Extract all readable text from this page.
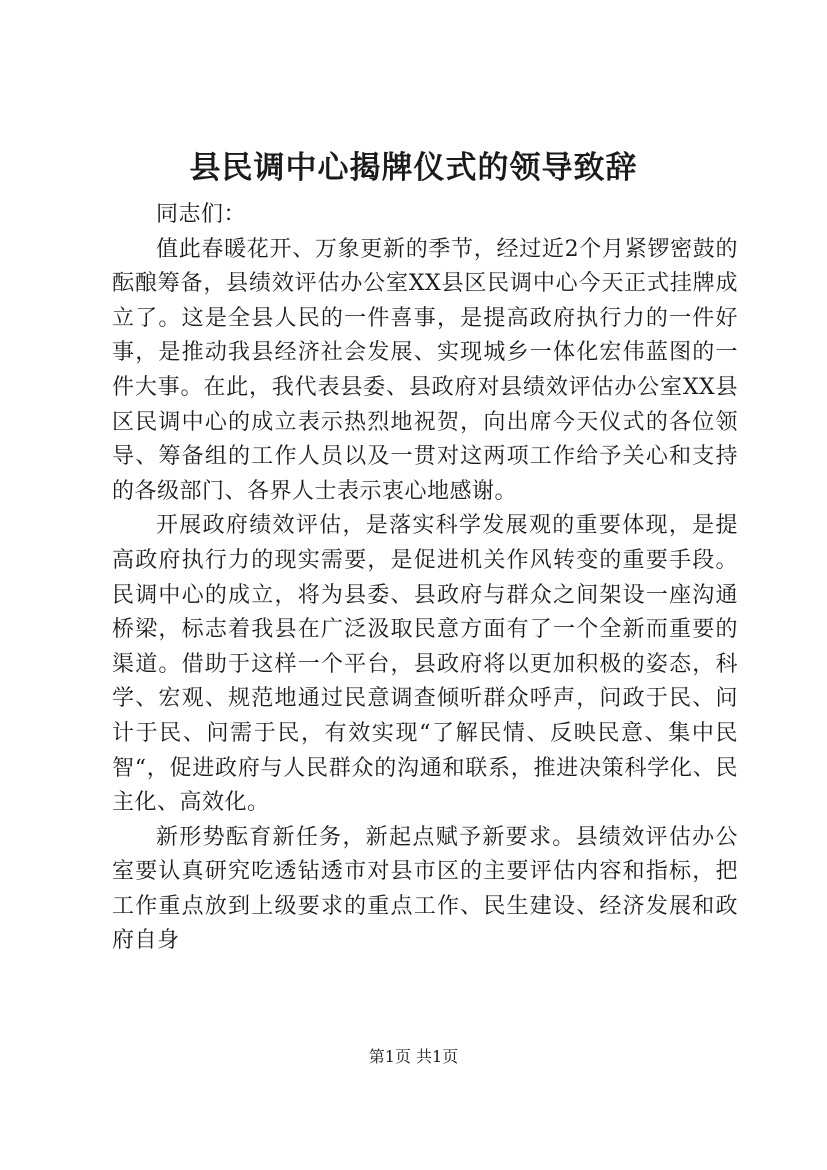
县民调中心揭牌仪式的领导致辞

同志们：

值此春暖花开、万象更新的季节，经过近2个月紧锣密鼓的酝酿筹备，县绩效评估办公室XX县区民调中心今天正式挂牌成立了。这是全县人民的一件喜事，是提高政府执行力的一件好事，是推动我县经济社会发展、实现城乡一体化宏伟蓝图的一件大事。在此，我代表县委、县政府对县绩效评估办公室XX县区民调中心的成立表示热烈地祝贺，向出席今天仪式的各位领导、筹备组的工作人员以及一贯对这两项工作给予关心和支持的各级部门、各界人士表示衷心地感谢。

开展政府绩效评估，是落实科学发展观的重要体现，是提高政府执行力的现实需要，是促进机关作风转变的重要手段。民调中心的成立，将为县委、县政府与群众之间架设一座沟通桥梁，标志着我县在广泛汲取民意方面有了一个全新而重要的渠道。借助于这样一个平台，县政府将以更加积极的姿态，科学、宏观、规范地通过民意调查倾听群众呼声，问政于民、问计于民、问需于民，有效实现“了解民情、反映民意、集中民智“，促进政府与人民群众的沟通和联系，推进决策科学化、民主化、高效化。

新形势酝育新任务，新起点赋予新要求。县绩效评估办公室要认真研究吃透钻透市对县市区的主要评估内容和指标，把工作重点放到上级要求的重点工作、民生建设、经济发展和政府自身

第1页 共1页
